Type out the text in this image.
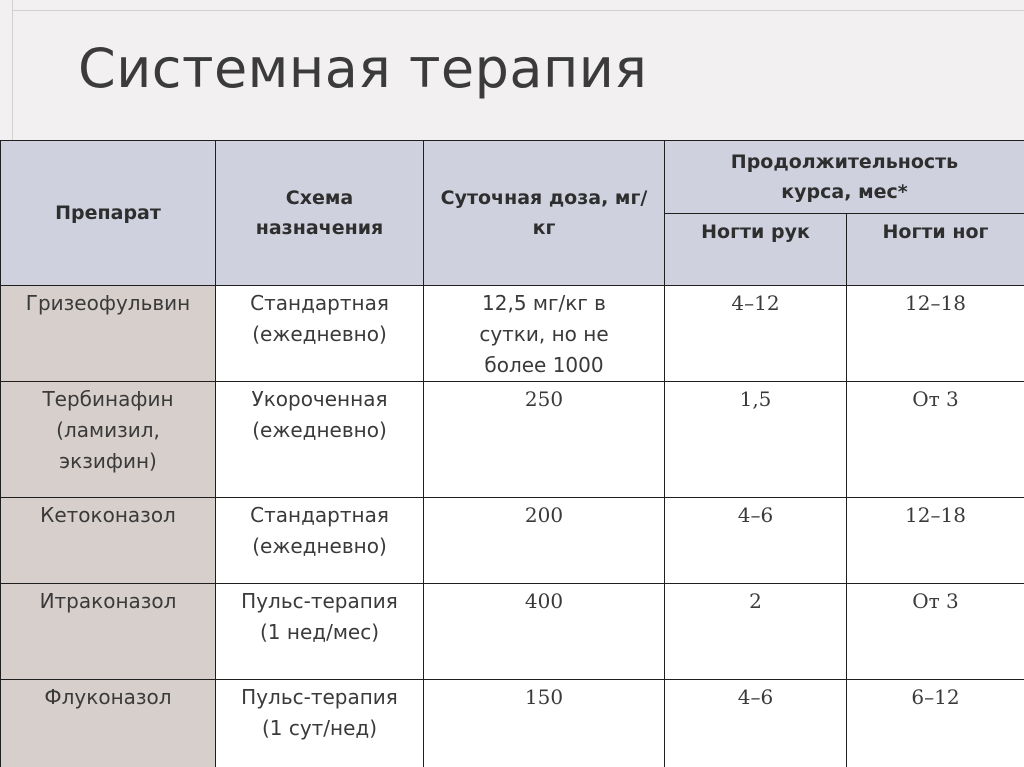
Системная терапия
Препарат	Схема назначения	Суточная доза, мг/кг	Продолжительность курса, мес*	

			Ногти рук	Ногти ног
Гризеофульвин	Стандартная (ежедневно)	12,5 мг/кг в сутки, но не более 1000	4–12	12–18

Тербинафин (ламизил, экзифин)	Укороченная (ежедневно)	250	1,5	От 3
Кетоконазол	Стандартная (ежедневно)	200	4–6	12–18
Итраконазол	Пульс-терапия (1 нед/мес)	400	2	От 3
Флуконазол	Пульс-терапия (1 сут/нед)	150	4–6	6–12
